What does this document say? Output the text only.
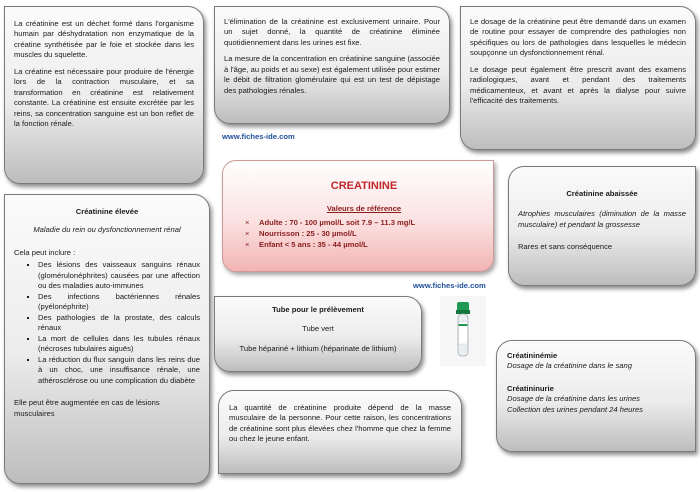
La créatinine est un déchet formé dans l'organisme humain par déshydratation non enzymatique de la créatine synthétisée par le foie et stockée dans les muscles du squelette.

La créatine est nécessaire pour produire de l'énergie lors de la contraction musculaire, et sa transformation en créatinine est relativement constante. La créatinine est ensuite excrétée par les reins, sa concentration sanguine est un bon reflet de la fonction rénale.

L'élimination de la créatinine est exclusivement urinaire. Pour un sujet donné, la quantité de créatinine éliminée quotidiennement dans les urines est fixe.

La mesure de la concentration en créatinine sanguine (associée à l'âge, au poids et au sexe) est également utilisée pour estimer le débit de filtration glomérulaire qui est un test de dépistage des pathologies rénales.

Le dosage de la créatinine peut être demandé dans un examen de routine pour essayer de comprendre des pathologies non spécifiques ou lors de pathologies dans lesquelles le médecin soupçonne un dysfonctionnement rénal.

Le dosage peut également être prescrit avant des examens radiologiques, avant et pendant des traitements médicamenteux, et avant et après la dialyse pour suivre l'efficacité des traitements.

www.fiches-ide.com
www.fiches-ide.com
CREATININE
Valeurs de référence
× Adulte : 70 - 100 µmol/L soit 7.9 – 11.3 mg/L
× Nourrisson : 25 - 30 µmol/L
× Enfant < 5 ans : 35 - 44 µmol/L
Créatinine élevée
Maladie du rein ou dysfonctionnement rénal
Cela peut inclure :
▪ Des lésions des vaisseaux sanguins rénaux (glomérulonéphrites) causées par une affection ou des maladies auto-immunes
▪ Des infections bactériennes rénales (pyélonéphrite)
▪ Des pathologies de la prostate, des calculs rénaux
▪ La mort de cellules dans les tubules rénaux (nécroses tubulaires aiguës)
▪ La réduction du flux sanguin dans les reins due à un choc, une insuffisance rénale, une athérosclérose ou une complication du diabète
Elle peut être augmentée en cas de lésions musculaires
Créatinine abaissée

Atrophies musculaires (diminution de la masse musculaire) et pendant la grossesse

Rares et sans conséquence

Tube pour le prélèvement
Tube vert
Tube hépariné + lithium (héparinate de lithium)

La quantité de créatinine produite dépend de la masse musculaire de la personne. Pour cette raison, les concentrations de créatinine sont plus élevées chez l'homme que chez la femme ou chez le jeune enfant.

Créatininémie
Dosage de la créatinine dans le sang
Créatininurie
Dosage de la créatinine dans les urines
Collection des urines pendant 24 heures
